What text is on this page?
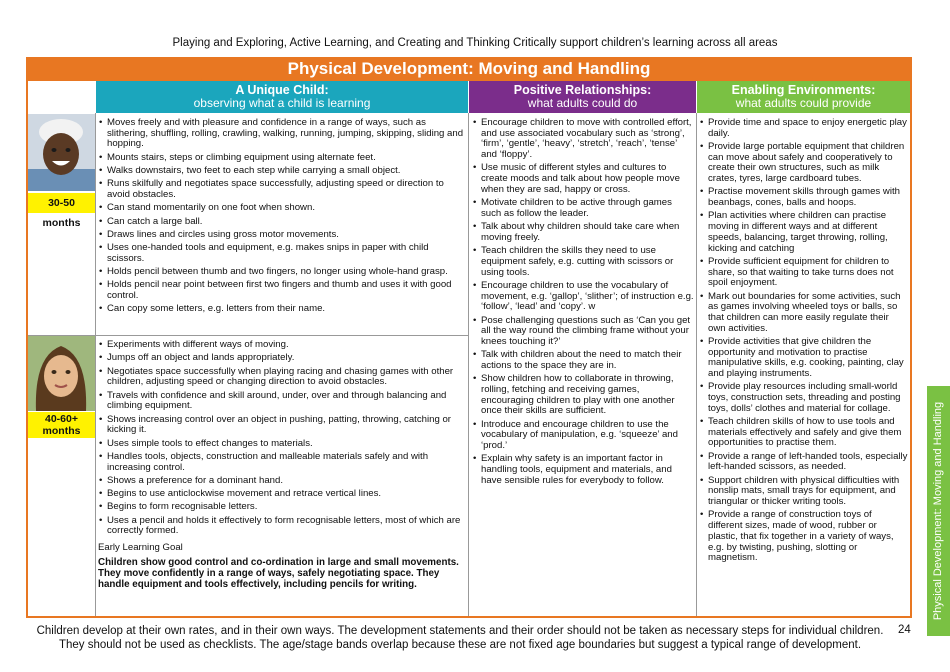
Playing and Exploring, Active Learning, and Creating and Thinking Critically support children’s learning across all areas
Physical Development: Moving and Handling
A Unique Child:
observing what a child is learning
Positive Relationships:
what adults could do
Enabling Environments:
what adults could provide
30-50 months
40-60+ months
• Moves freely and with pleasure and confidence in a range of ways, such as slithering, shuffling, rolling, crawling, walking, running, jumping, skipping, sliding and hopping.
• Mounts stairs, steps or climbing equipment using alternate feet.
• Walks downstairs, two feet to each step while carrying a small object.
• Runs skilfully and negotiates space successfully, adjusting speed or direction to avoid obstacles.
• Can stand momentarily on one foot when shown.
• Can catch a large ball.
• Draws lines and circles using gross motor movements.
• Uses one-handed tools and equipment, e.g. makes snips in paper with child scissors.
• Holds pencil between thumb and two fingers, no longer using whole-hand grasp.
• Holds pencil near point between first two fingers and thumb and uses it with good control.
• Can copy some letters, e.g. letters from their name.
• Experiments with different ways of moving.
• Jumps off an object and lands appropriately.
• Negotiates space successfully when playing racing and chasing games with other children, adjusting speed or changing direction to avoid obstacles.
• Travels with confidence and skill around, under, over and through balancing and climbing equipment.
• Shows increasing control over an object in pushing, patting, throwing, catching or kicking it.
• Uses simple tools to effect changes to materials.
• Handles tools, objects, construction and malleable materials safely and with increasing control.
• Shows a preference for a dominant hand.
• Begins to use anticlockwise movement and retrace vertical lines.
• Begins to form recognisable letters.
• Uses a pencil and holds it effectively to form recognisable letters, most of which are correctly formed.
Early Learning Goal
Children show good control and co-ordination in large and small movements. They move confidently in a range of ways, safely negotiating space. They handle equipment and tools effectively, including pencils for writing.
• Encourage children to move with controlled effort, and use associated vocabulary such as ‘strong’, ‘firm’, ‘gentle’, ‘heavy’, ‘stretch’, ‘reach’, ‘tense’ and ‘floppy’.
• Use music of different styles and cultures to create moods and talk about how people move when they are sad, happy or cross.
• Motivate children to be active through games such as follow the leader.
• Talk about why children should take care when moving freely.
• Teach children the skills they need to use equipment safely, e.g. cutting with scissors or using tools.
• Encourage children to use the vocabulary of movement, e.g. ‘gallop’, ‘slither’; of instruction e.g. ‘follow’, ‘lead’ and ‘copy’. w
• Pose challenging questions such as ‘Can you get all the way round the climbing frame without your knees touching it?’
• Talk with children about the need to match their actions to the space they are in.
• Show children how to collaborate in throwing, rolling, fetching and receiving games, encouraging children to play with one another once their skills are sufficient.
• Introduce and encourage children to use the vocabulary of manipulation, e.g. ‘squeeze’ and ‘prod.’
• Explain why safety is an important factor in handling tools, equipment and materials, and have sensible rules for everybody to follow.
• Provide time and space to enjoy energetic play daily.
• Provide large portable equipment that children can move about safely and cooperatively to create their own structures, such as milk crates, tyres, large cardboard tubes.
• Practise movement skills through games with beanbags, cones, balls and hoops.
• Plan activities where children can practise moving in different ways and at different speeds, balancing, target throwing, rolling, kicking and catching
• Provide sufficient equipment for children to share, so that waiting to take turns does not spoil enjoyment.
• Mark out boundaries for some activities, such as games involving wheeled toys or balls, so that children can more easily regulate their own activities.
• Provide activities that give children the opportunity and motivation to practise manipulative skills, e.g. cooking, painting, clay and playing instruments.
• Provide play resources including small-world toys, construction sets, threading and posting toys, dolls’ clothes and material for collage.
• Teach children skills of how to use tools and materials effectively and safely and give them opportunities to practise them.
• Provide a range of left-handed tools, especially left-handed scissors, as needed.
• Support children with physical difficulties with nonslip mats, small trays for equipment, and triangular or thicker writing tools.
• Provide a range of construction toys of different sizes, made of wood, rubber or plastic, that fix together in a variety of ways, e.g. by twisting, pushing, slotting or magnetism.
Children develop at their own rates, and in their own ways. The development statements and their order should not be taken as necessary steps for individual children.
They should not be used as checklists. The age/stage bands overlap because these are not fixed age boundaries but suggest a typical range of development.
24
Physical Development: Moving and Handling
